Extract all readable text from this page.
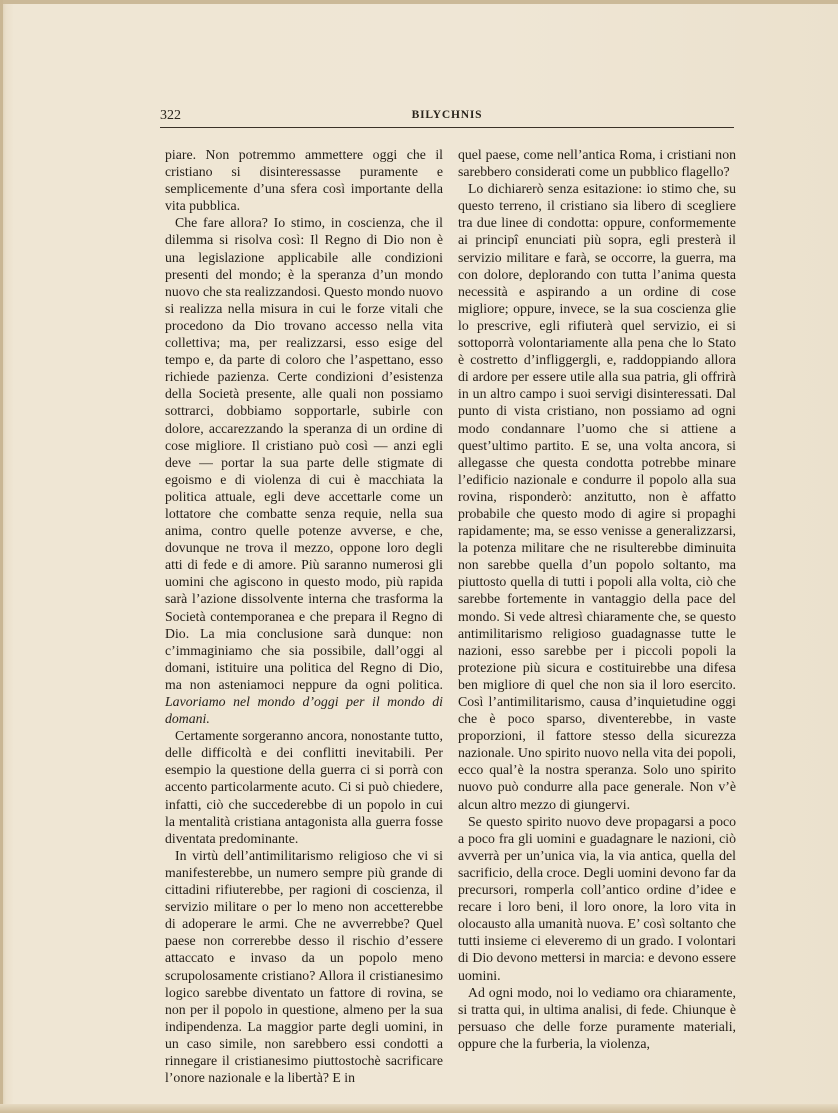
322	BILYCHNIS

piare. Non potremmo ammettere oggi che il cristiano si disinteressasse puramente e semplicemente d’una sfera così importante della vita pubblica.

Che fare allora? Io stimo, in coscienza, che il dilemma si risolva così: Il Regno di Dio non è una legislazione applicabile alle condizioni presenti del mondo; è la speranza d’un mondo nuovo che sta realizzandosi. Questo mondo nuovo si realizza nella misura in cui le forze vitali che procedono da Dio trovano accesso nella vita collettiva; ma, per realizzarsi, esso esige del tempo e, da parte di coloro che l’aspettano, esso richiede pazienza. Certe condizioni d’esistenza della Società presente, alle quali non possiamo sottrarci, dobbiamo sopportarle, subirle con dolore, accarezzando la speranza di un ordine di cose migliore. Il cristiano può così — anzi egli deve — portar la sua parte delle stigmate di egoismo e di violenza di cui è macchiata la politica attuale, egli deve accettarle come un lottatore che combatte senza requie, nella sua anima, contro quelle potenze avverse, e che, dovunque ne trova il mezzo, oppone loro degli atti di fede e di amore. Più saranno numerosi gli uomini che agiscono in questo modo, più rapida sarà l’azione dissolvente interna che trasforma la Società contemporanea e che prepara il Regno di Dio. La mia conclusione sarà dunque: non c’immaginiamo che sia possibile, dall’oggi al domani, istituire una politica del Regno di Dio, ma non asteniamoci neppure da ogni politica. Lavoriamo nel mondo d’oggi per il mondo di domani.

Certamente sorgeranno ancora, nonostante tutto, delle difficoltà e dei conflitti inevitabili. Per esempio la questione della guerra ci si porrà con accento particolarmente acuto. Ci si può chiedere, infatti, ciò che succederebbe di un popolo in cui la mentalità cristiana antagonista alla guerra fosse diventata predominante.

In virtù dell’antimilitarismo religioso che vi si manifesterebbe, un numero sempre più grande di cittadini rifiuterebbe, per ragioni di coscienza, il servizio militare o per lo meno non accetterebbe di adoperare le armi. Che ne avverrebbe? Quel paese non correrebbe desso il rischio d’essere attaccato e invaso da un popolo meno scrupolosamente cristiano? Allora il cristianesimo logico sarebbe diventato un fattore di rovina, se non per il popolo in questione, almeno per la sua indipendenza. La maggior parte degli uomini, in un caso simile, non sarebbero essi condotti a rinnegare il cristianesimo piuttostochè sacrificare l’onore nazionale e la libertà? E in

quel paese, come nell’antica Roma, i cristiani non sarebbero considerati come un pubblico flagello?

Lo dichiarerò senza esitazione: io stimo che, su questo terreno, il cristiano sia libero di scegliere tra due linee di condotta: oppure, conformemente ai principî enunciati più sopra, egli presterà il servizio militare e farà, se occorre, la guerra, ma con dolore, deplorando con tutta l’anima questa necessità e aspirando a un ordine di cose migliore; oppure, invece, se la sua coscienza glie lo prescrive, egli rifiuterà quel servizio, ei si sottoporrà volontariamente alla pena che lo Stato è costretto d’infliggergli, e, raddoppiando allora di ardore per essere utile alla sua patria, gli offrirà in un altro campo i suoi servigi disinteressati. Dal punto di vista cristiano, non possiamo ad ogni modo condannare l’uomo che si attiene a quest’ultimo partito. E se, una volta ancora, si allegasse che questa condotta potrebbe minare l’edificio nazionale e condurre il popolo alla sua rovina, risponderò: anzitutto, non è affatto probabile che questo modo di agire si propaghi rapidamente; ma, se esso venisse a generalizzarsi, la potenza militare che ne risulterebbe diminuita non sarebbe quella d’un popolo soltanto, ma piuttosto quella di tutti i popoli alla volta, ciò che sarebbe fortemente in vantaggio della pace del mondo. Si vede altresì chiaramente che, se questo antimilitarismo religioso guadagnasse tutte le nazioni, esso sarebbe per i piccoli popoli la protezione più sicura e costituirebbe una difesa ben migliore di quel che non sia il loro esercito. Così l’antimilitarismo, causa d’inquietudine oggi che è poco sparso, diventerebbe, in vaste proporzioni, il fattore stesso della sicurezza nazionale. Uno spirito nuovo nella vita dei popoli, ecco qual’è la nostra speranza. Solo uno spirito nuovo può condurre alla pace generale. Non v’è alcun altro mezzo di giungervi.

Se questo spirito nuovo deve propagarsi a poco a poco fra gli uomini e guadagnare le nazioni, ciò avverrà per un’unica via, la via antica, quella del sacrificio, della croce. Degli uomini devono far da precursori, romperla coll’antico ordine d’idee e recare i loro beni, il loro onore, la loro vita in olocausto alla umanità nuova. E’ così soltanto che tutti insieme ci eleveremo di un grado. I volontari di Dio devono mettersi in marcia: e devono essere uomini.

Ad ogni modo, noi lo vediamo ora chiaramente, si tratta qui, in ultima analisi, di fede. Chiunque è persuaso che delle forze puramente materiali, oppure che la furberia, la violenza,
